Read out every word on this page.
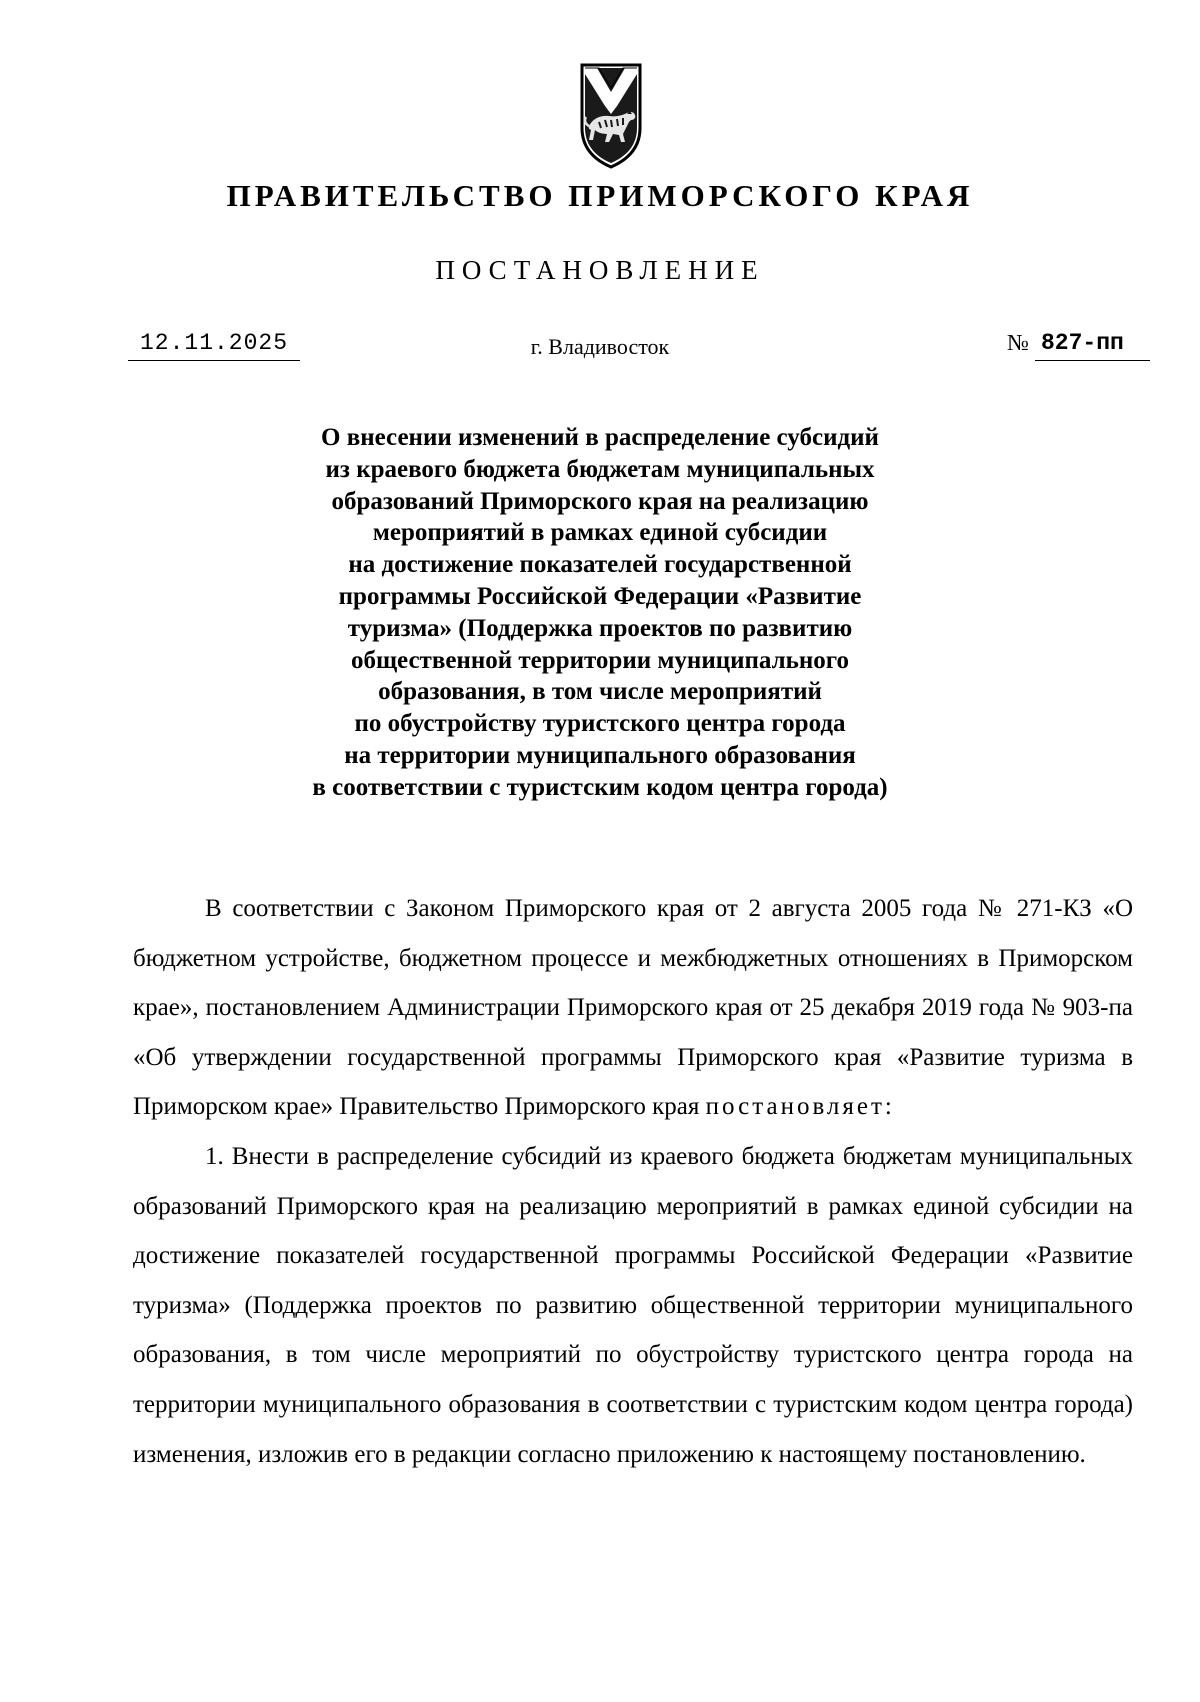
ПРАВИТЕЛЬСТВО ПРИМОРСКОГО КРАЯ
ПОСТАНОВЛЕНИЕ
12.11.2025	г. Владивосток	№ 827-пп
О внесении изменений в распределение субсидий
из краевого бюджета бюджетам муниципальных
образований Приморского края на реализацию
мероприятий в рамках единой субсидии
на достижение показателей государственной
программы Российской Федерации «Развитие
туризма» (Поддержка проектов по развитию
общественной территории муниципального
образования, в том числе мероприятий
по обустройству туристского центра города
на территории муниципального образования
в соответствии с туристским кодом центра города)

В соответствии с Законом Приморского края от 2 августа 2005 года № 271-КЗ «О бюджетном устройстве, бюджетном процессе и межбюджетных отношениях в Приморском крае», постановлением Администрации Приморского края от 25 декабря 2019 года № 903-па «Об утверждении государственной программы Приморского края «Развитие туризма в Приморском крае» Правительство Приморского края постановляет:

1. Внести в распределение субсидий из краевого бюджета бюджетам муниципальных образований Приморского края на реализацию мероприятий в рамках единой субсидии на достижение показателей государственной программы Российской Федерации «Развитие туризма» (Поддержка проектов по развитию общественной территории муниципального образования, в том числе мероприятий по обустройству туристского центра города на территории муниципального образования в соответствии с туристским кодом центра города) изменения, изложив его в редакции согласно приложению к настоящему постановлению.
